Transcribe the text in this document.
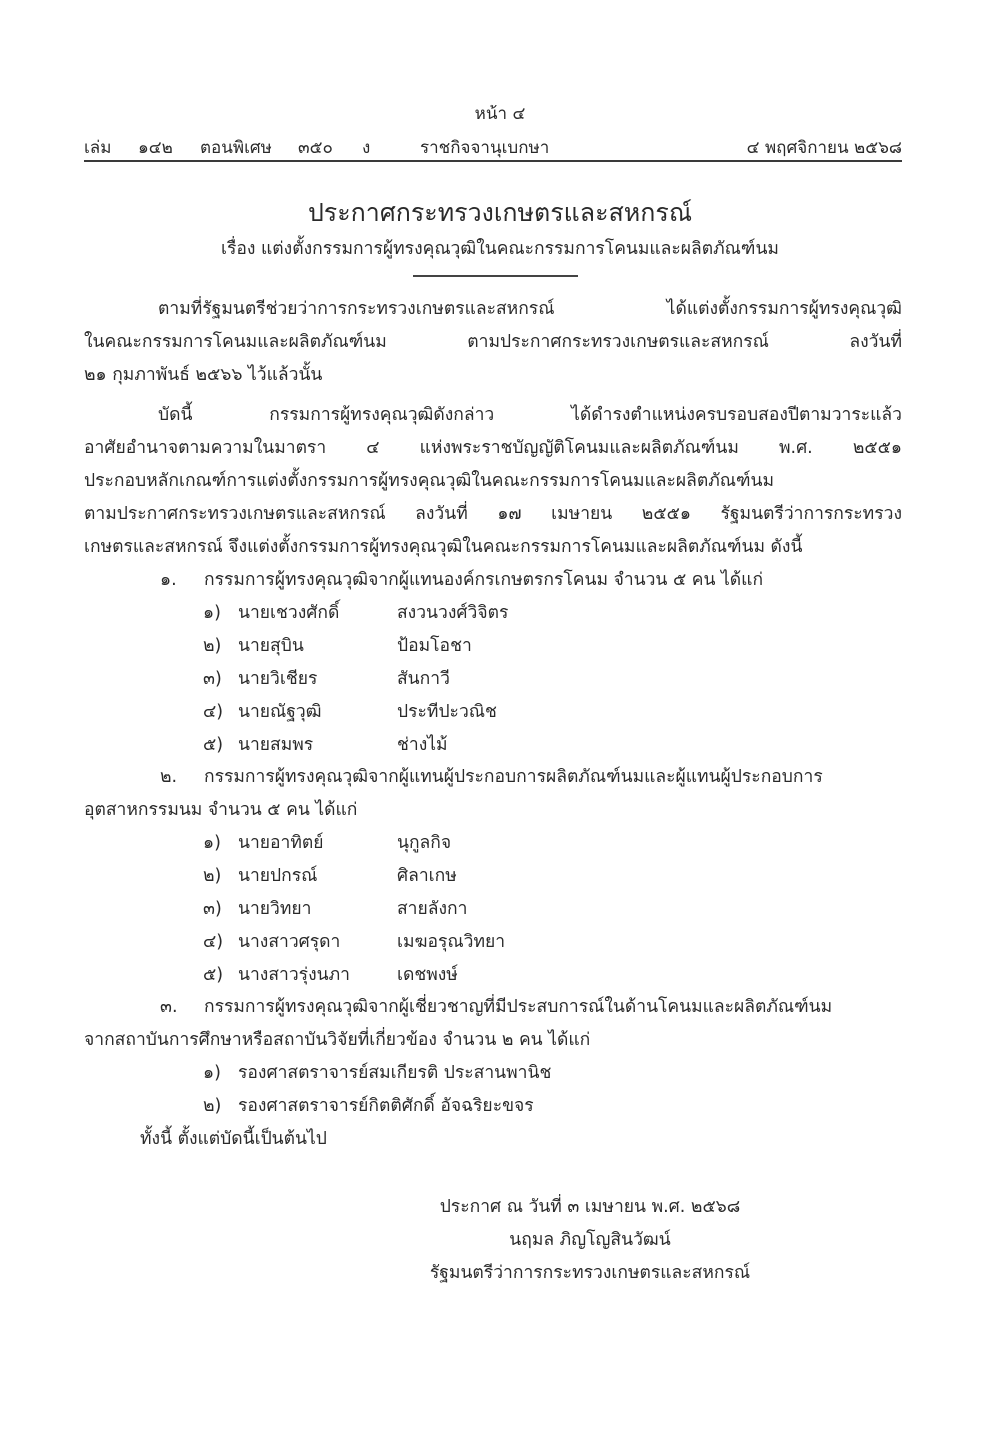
หน้า ๔
เล่ม ๑๔๒ ตอนพิเศษ ๓๕๐ ง	ราชกิจจานุเบกษา	๔ พฤศจิกายน ๒๕๖๘
ประกาศกระทรวงเกษตรและสหกรณ์
เรื่อง แต่งตั้งกรรมการผู้ทรงคุณวุฒิในคณะกรรมการโคนมและผลิตภัณฑ์นม
ตามที่รัฐมนตรีช่วยว่าการกระทรวงเกษตรและสหกรณ์ ได้แต่งตั้งกรรมการผู้ทรงคุณวุฒิ
ในคณะกรรมการโคนมและผลิตภัณฑ์นม ตามประกาศกระทรวงเกษตรและสหกรณ์ ลงวันที่
๒๑ กุมภาพันธ์ ๒๕๖๖ ไว้แล้วนั้น
บัดนี้ กรรมการผู้ทรงคุณวุฒิดังกล่าว ได้ดำรงตำแหน่งครบรอบสองปีตามวาระแล้ว
อาศัยอำนาจตามความในมาตรา ๔ แห่งพระราชบัญญัติโคนมและผลิตภัณฑ์นม พ.ศ. ๒๕๕๑
ประกอบหลักเกณฑ์การแต่งตั้งกรรมการผู้ทรงคุณวุฒิในคณะกรรมการโคนมและผลิตภัณฑ์นม
ตามประกาศกระทรวงเกษตรและสหกรณ์ ลงวันที่ ๑๗ เมษายน ๒๕๕๑ รัฐมนตรีว่าการกระทรวง
เกษตรและสหกรณ์ จึงแต่งตั้งกรรมการผู้ทรงคุณวุฒิในคณะกรรมการโคนมและผลิตภัณฑ์นม ดังนี้
๑. กรรมการผู้ทรงคุณวุฒิจากผู้แทนองค์กรเกษตรกรโคนม จำนวน ๕ คน ได้แก่
๑) นายเชวงศักดิ์	สงวนวงศ์วิจิตร
๒) นายสุบิน	ป้อมโอชา
๓) นายวิเชียร	สันกาวี
๔) นายณัฐวุฒิ	ประทีปะวณิช
๕) นายสมพร	ช่างไม้
๒. กรรมการผู้ทรงคุณวุฒิจากผู้แทนผู้ประกอบการผลิตภัณฑ์นมและผู้แทนผู้ประกอบการ
อุตสาหกรรมนม จำนวน ๕ คน ได้แก่
๑) นายอาทิตย์	นุกูลกิจ
๒) นายปกรณ์	ศิลาเกษ
๓) นายวิทยา	สายลังกา
๔) นางสาวศรุดา	เมฆอรุณวิทยา
๕) นางสาวรุ่งนภา	เดชพงษ์
๓. กรรมการผู้ทรงคุณวุฒิจากผู้เชี่ยวชาญที่มีประสบการณ์ในด้านโคนมและผลิตภัณฑ์นม
จากสถาบันการศึกษาหรือสถาบันวิจัยที่เกี่ยวข้อง จำนวน ๒ คน ได้แก่
๑) รองศาสตราจารย์สมเกียรติ ประสานพานิช
๒) รองศาสตราจารย์กิตติศักดิ์ อัจฉริยะขจร
ทั้งนี้ ตั้งแต่บัดนี้เป็นต้นไป
ประกาศ ณ วันที่ ๓ เมษายน พ.ศ. ๒๕๖๘
นฤมล ภิญโญสินวัฒน์
รัฐมนตรีว่าการกระทรวงเกษตรและสหกรณ์
